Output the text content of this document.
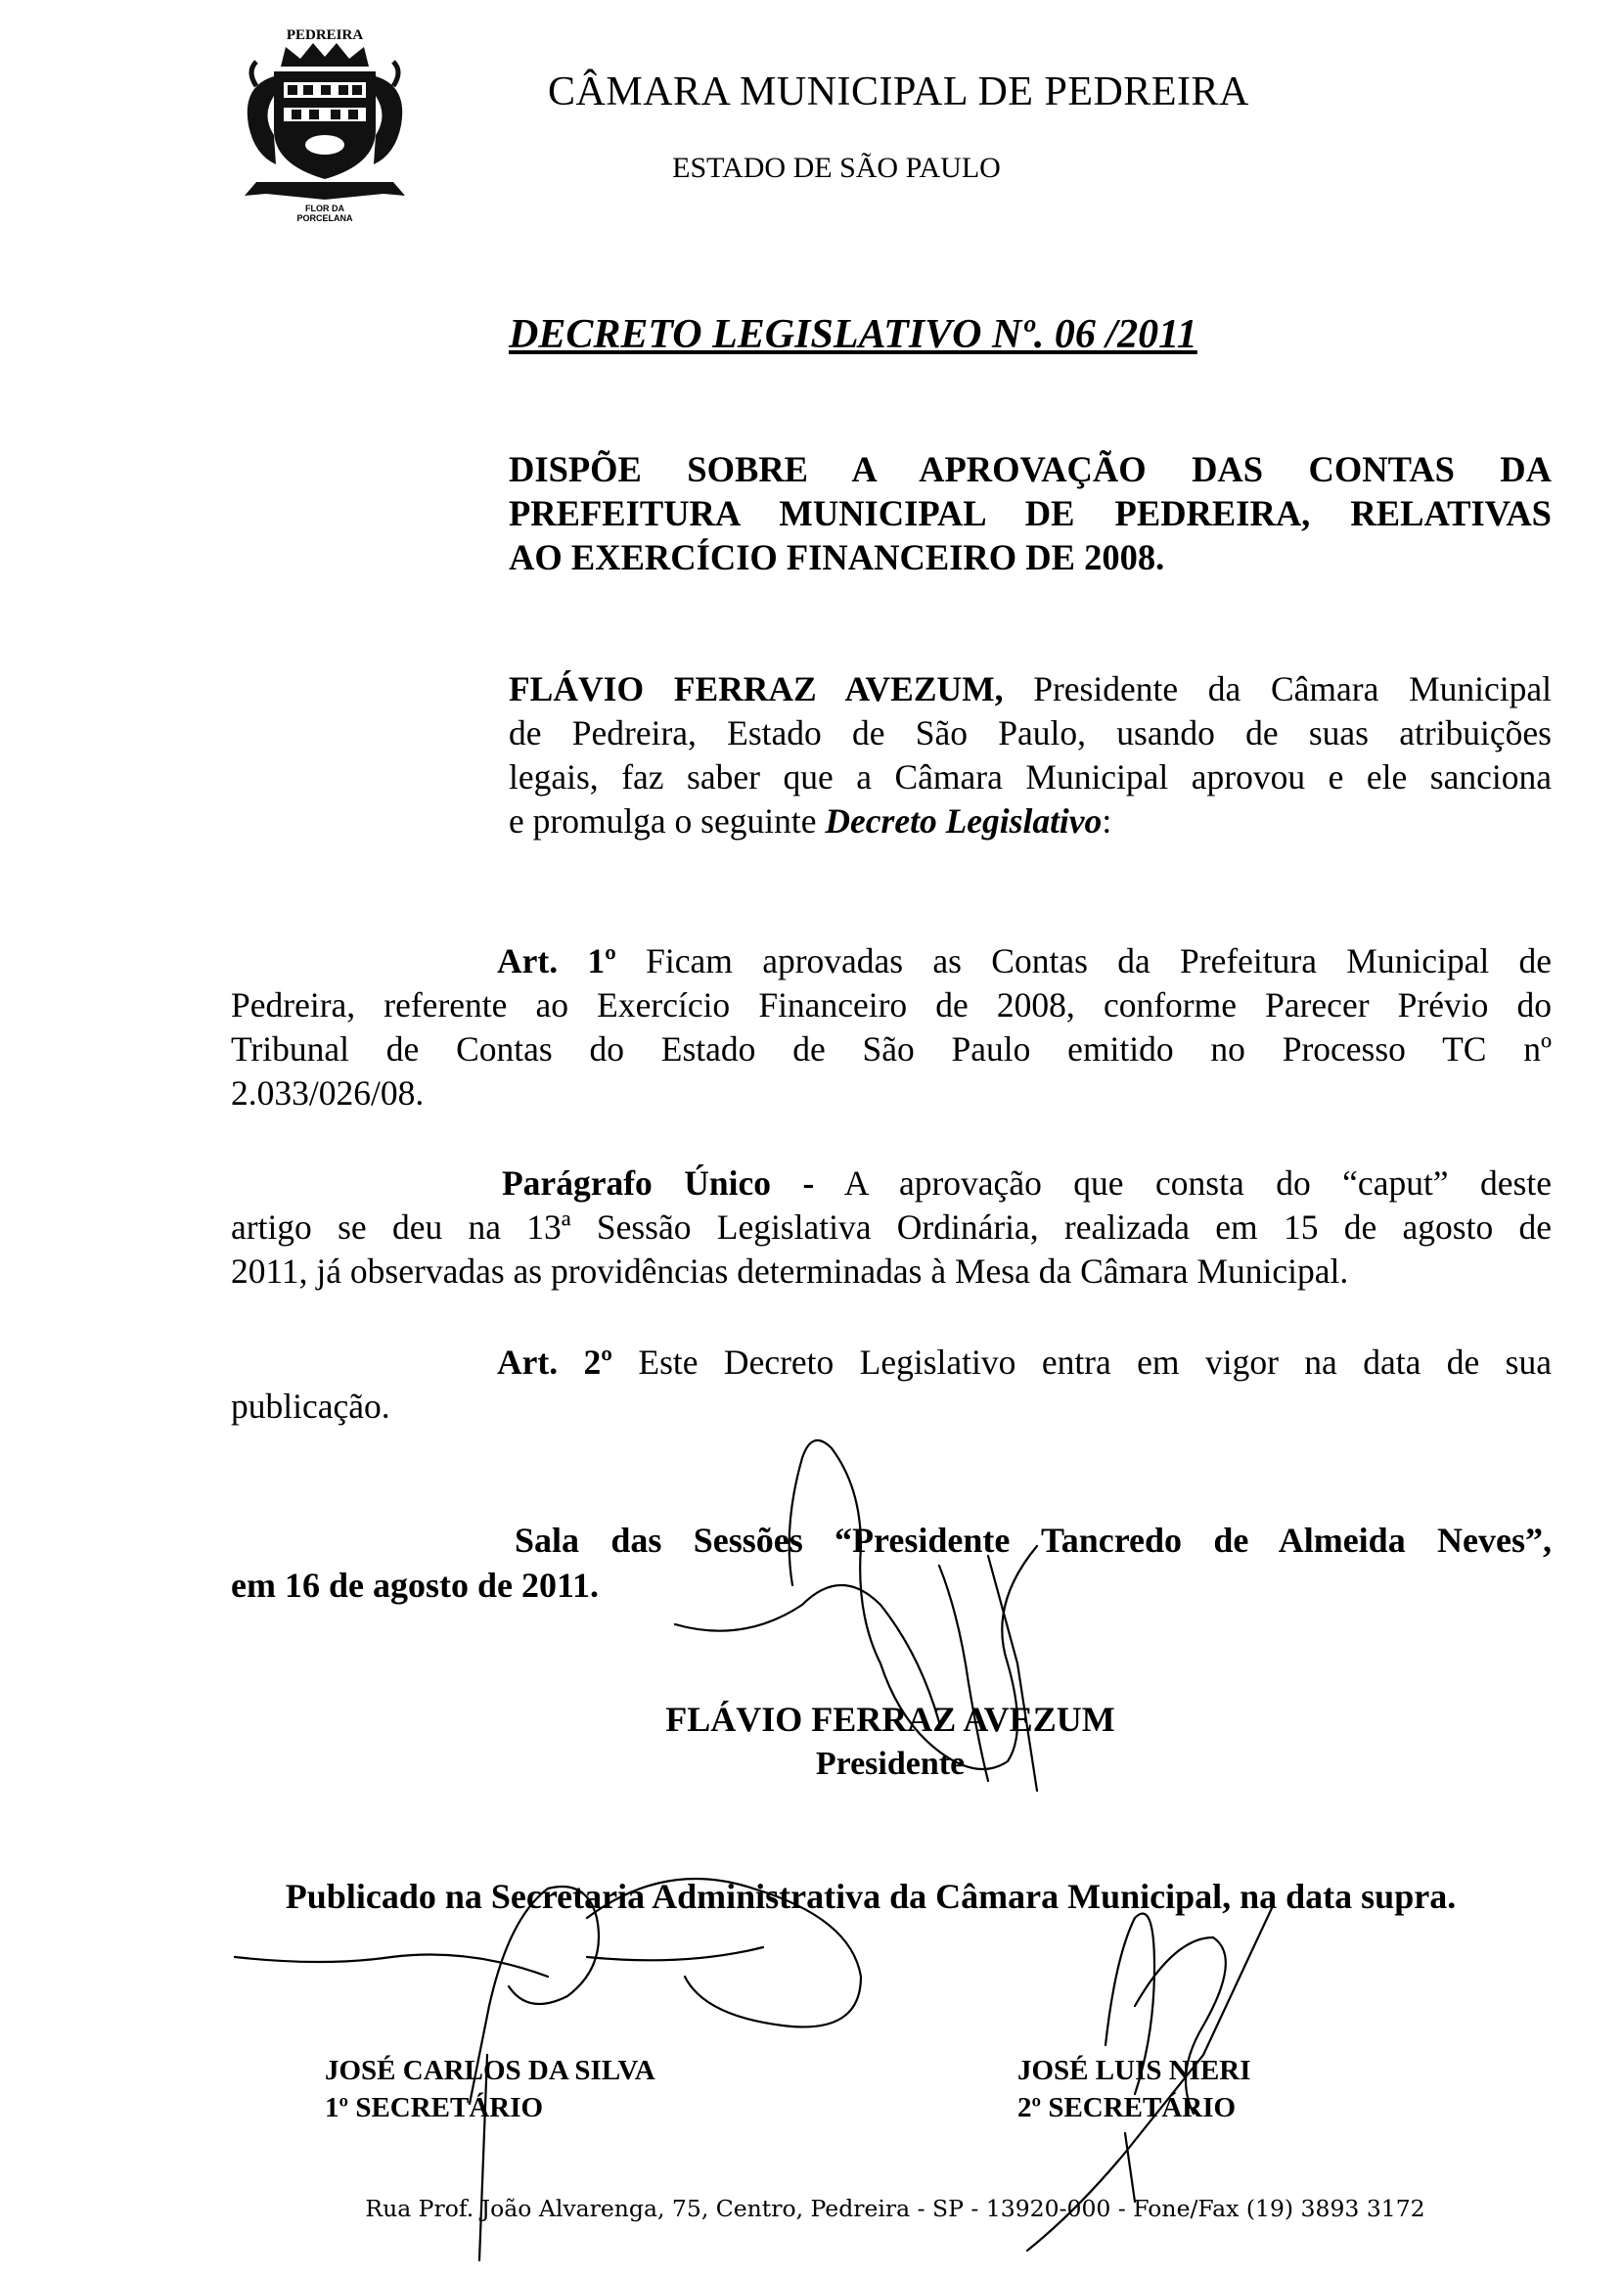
PEDREIRA
FLOR DA
PORCELANA
CÂMARA MUNICIPAL DE PEDREIRA
ESTADO DE SÃO PAULO
DECRETO LEGISLATIVO Nº. 06 /2011
DISPÕE SOBRE A APROVAÇÃO DAS CONTAS DA
PREFEITURA MUNICIPAL DE PEDREIRA, RELATIVAS
AO EXERCÍCIO FINANCEIRO DE 2008.
FLÁVIO FERRAZ AVEZUM, Presidente da Câmara Municipal
de Pedreira, Estado de São Paulo, usando de suas atribuições
legais, faz saber que a Câmara Municipal aprovou e ele sanciona
e promulga o seguinte Decreto Legislativo:
Art. 1º Ficam aprovadas as Contas da Prefeitura Municipal de
Pedreira, referente ao Exercício Financeiro de 2008, conforme Parecer Prévio do
Tribunal de Contas do Estado de São Paulo emitido no Processo TC nº
2.033/026/08.
Parágrafo Único - A aprovação que consta do “caput” deste
artigo se deu na 13ª Sessão Legislativa Ordinária, realizada em 15 de agosto de
2011, já observadas as providências determinadas à Mesa da Câmara Municipal.
Art. 2º Este Decreto Legislativo entra em vigor na data de sua
publicação.
Sala das Sessões “Presidente Tancredo de Almeida Neves”,
em 16 de agosto de 2011.
FLÁVIO FERRAZ AVEZUM
Presidente
Publicado na Secretaria Administrativa da Câmara Municipal, na data supra.
JOSÉ CARLOS DA SILVA
1º SECRETÁRIO
JOSÉ LUIS NIERI
2º SECRETÁRIO
Rua Prof. João Alvarenga, 75, Centro, Pedreira - SP - 13920-000 - Fone/Fax (19) 3893 3172
